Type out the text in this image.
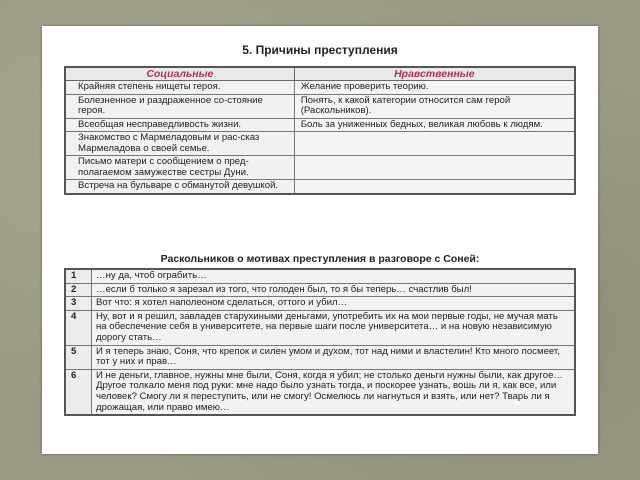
5. Причины преступления
Социальные	Нравственные
Крайняя степень нищеты героя.	Желание проверить теорию.
Болезненное и раздраженное со-стояние героя.	Понять, к какой категории относится сам герой (Раскольников).
Всеобщая несправедливость жизни.	Боль за униженных бедных, великая любовь к людям.
Знакомство с Мармеладовым и рас-сказ Мармеладова о своей семье.	
Письмо матери с сообщением о пред-полагаемом замужестве сестры Дуни.	
Встреча на бульваре с обманутой девушкой.	
Раскольников о мотивах преступления в разговоре с Соней:
1	…ну да, чтоб ограбить…
2	…если б только я зарезал из того, что голоден был, то я бы теперь… счастлив был!
3	Вот что: я хотел наполеоном сделаться, оттого и убил…
4	Ну, вот и я решил, завладев старухиными деньгами, употребить их на мои первые годы, не мучая мать на обеспечение себя в университете, на первые шаги после университета… и на новую независимую дорогу стать…
5	И я теперь знаю, Соня, что крепок и силен умом и духом, тот над ними и властелин! Кто много посмеет, тот у них и прав…
6	И не деньги, главное, нужны мне были, Соня, когда я убил; не столько деньги нужны были, как другое… Другое толкало меня под руки: мне надо было узнать тогда, и поскорее узнать, вошь ли я, как все, или человек? Смогу ли я переступить, или не смогу! Осмелюсь ли нагнуться и взять, или нет? Тварь ли я дрожащая, или право имею…
